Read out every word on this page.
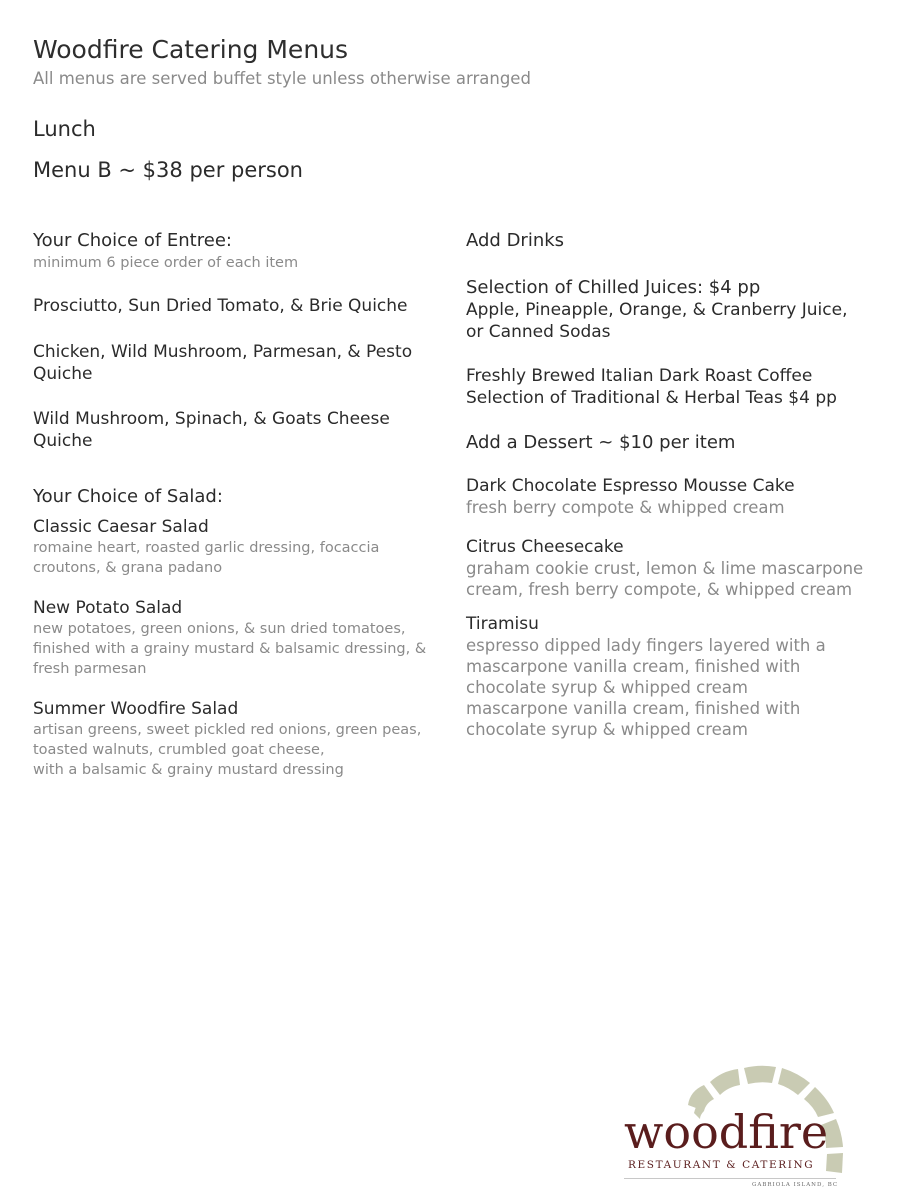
Woodfire Catering Menus
All menus are served buffet style unless otherwise arranged
Lunch
Menu B ~ $38 per person
Your Choice of Entree:
minimum 6 piece order of each item
Prosciutto, Sun Dried Tomato, & Brie Quiche
Chicken, Wild Mushroom, Parmesan, & Pesto
Quiche
Wild Mushroom, Spinach, & Goats Cheese
Quiche
Your Choice of Salad:
Classic Caesar Salad
romaine heart, roasted garlic dressing, focaccia
croutons, & grana padano
New Potato Salad
new potatoes, green onions, & sun dried tomatoes,
finished with a grainy mustard & balsamic dressing, &
fresh parmesan
Summer Woodfire Salad
artisan greens, sweet pickled red onions, green peas,
toasted walnuts, crumbled goat cheese,
with a balsamic & grainy mustard dressing
Add Drinks
Selection of Chilled Juices: $4 pp
Apple, Pineapple, Orange, & Cranberry Juice,
or Canned Sodas
Freshly Brewed Italian Dark Roast Coffee
Selection of Traditional & Herbal Teas $4 pp
Add a Dessert ~ $10 per item
Dark Chocolate Espresso Mousse Cake
fresh berry compote & whipped cream
Citrus Cheesecake
graham cookie crust, lemon & lime mascarpone
cream, fresh berry compote, & whipped cream
Tiramisu
espresso dipped lady fingers layered with a
mascarpone vanilla cream, finished with
chocolate syrup & whipped cream
mascarpone vanilla cream, finished with
chocolate syrup & whipped cream
woodfire
RESTAURANT & CATERING
GABRIOLA ISLAND, BC
